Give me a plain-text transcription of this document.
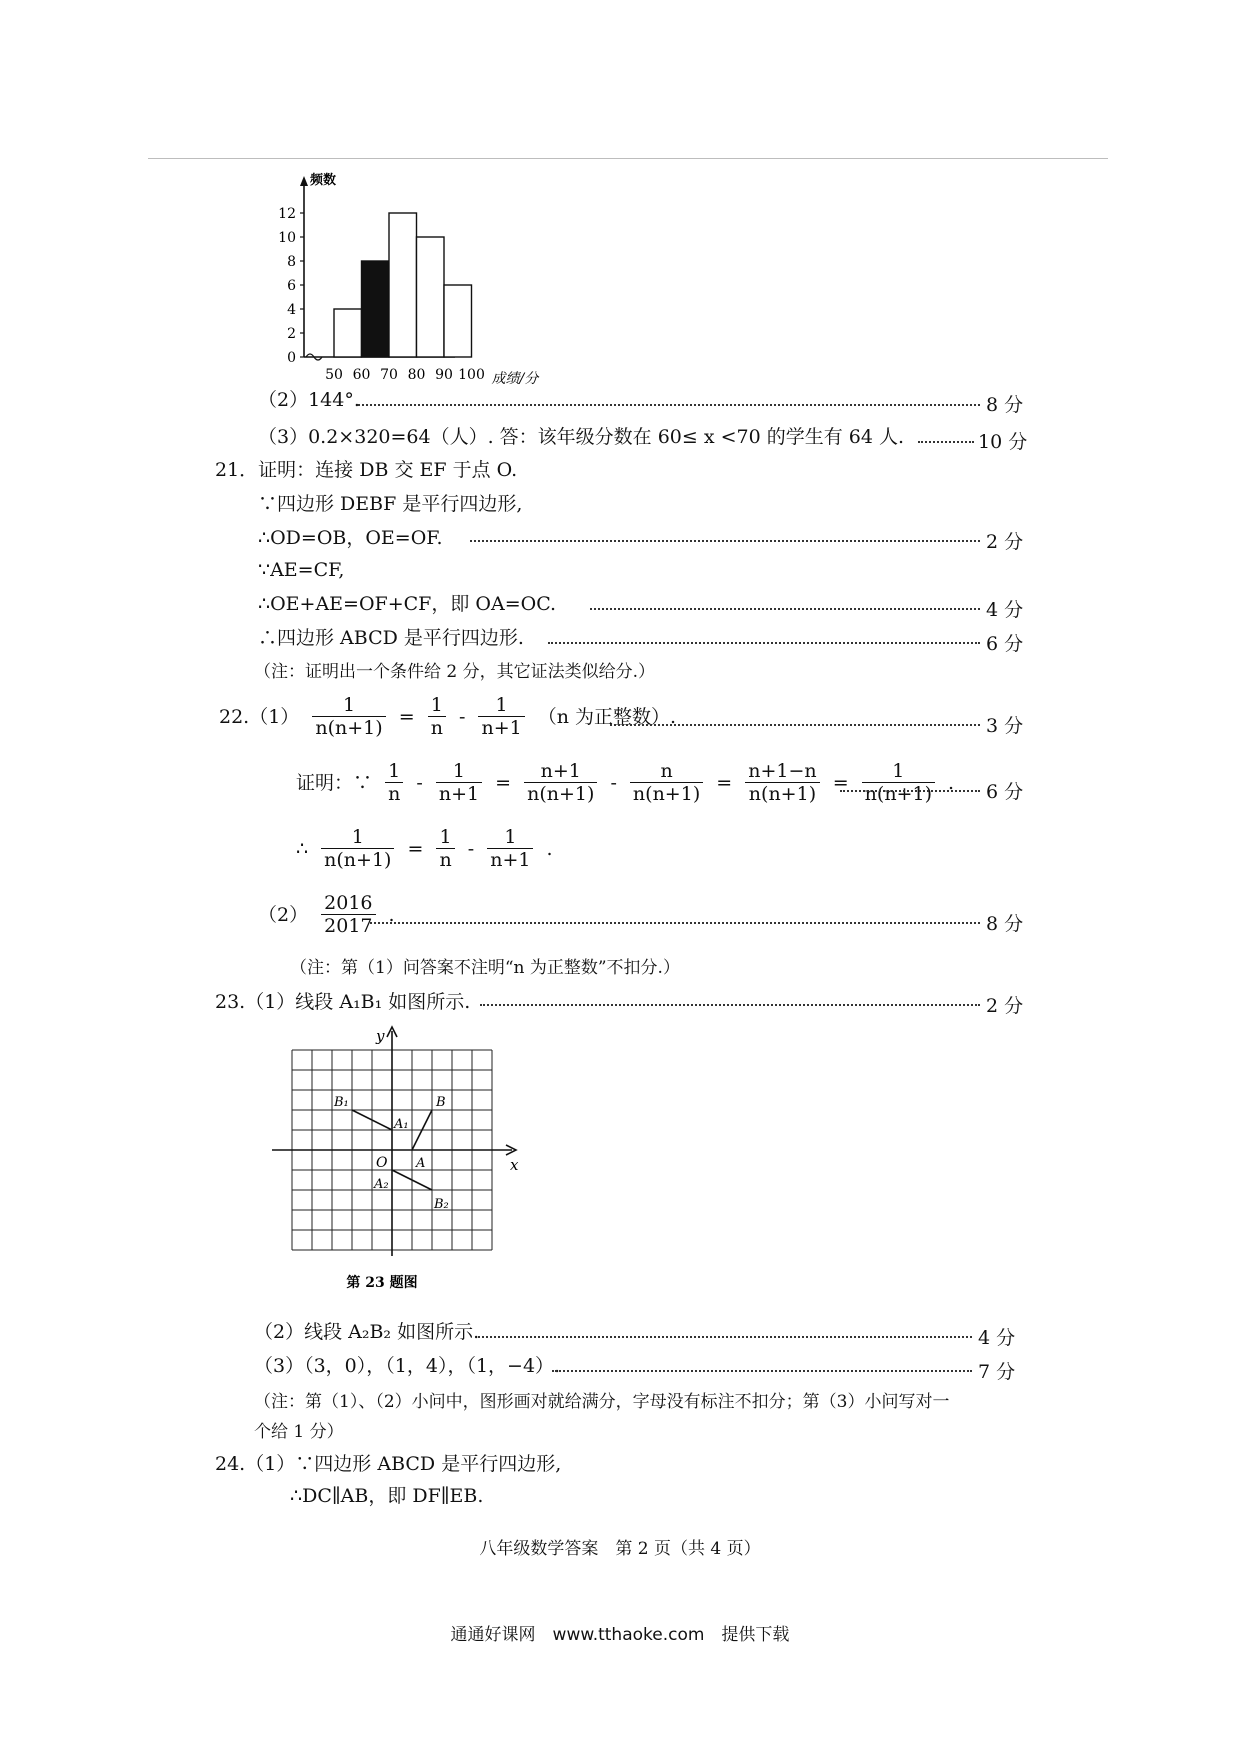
频数
0
2
4
6
8
10
12
50 60 70 80 90 100 成绩/分
（2）144°.	8 分
（3）0.2×320=64（人）. 答：该年级分数在 60≤ x <70 的学生有 64 人.	10 分
21．证明：连接 DB 交 EF 于点 O.
∵四边形 DEBF 是平行四边形,
∴OD=OB，OE=OF.	2 分
∵AE=CF,
∴OE+AE=OF+CF，即 OA=OC.	4 分
∴四边形 ABCD 是平行四边形.	6 分
（注：证明出一个条件给 2 分，其它证法类似给分.）
$22.(1) \frac{1}{n(n+1)} = \frac{1}{n} - \frac{1}{n+1} (n$ 为正整数）.	3 分
证明：∵ $\frac{1}{n} - \frac{1}{n+1} = \frac{n+1}{n(n+1)} - \frac{n}{n(n+1)} = \frac{n+1-n}{n(n+1)} = \frac{1}{n(n+1)}$ . 6 分
∴ $\frac{1}{n(n+1)} = \frac{1}{n} - \frac{1}{n+1}$ .
$(2) \frac{2016}{2017}$ .	8 分
（注：第（1）问答案不注明“n 为正整数”不扣分.）
23.（1）线段 A₁B₁ 如图所示.	2 分
x
y
O
B₁	B
A₁
A
A₂
B₂
第 23 题图
（2）线段 A₂B₂ 如图所示.	4 分
（3）（3，0），（1，4），（1，−4）.	7 分
（注：第（1）、（2）小问中，图形画对就给满分，字母没有标注不扣分；第（3）小问写对一
个给 1 分）
24.（1）∵四边形 ABCD 是平行四边形,
∴DC∥AB，即 DF∥EB.
八年级数学答案　第 2 页（共 4 页）
通通好课网　www.tthaoke.com　提供下载
